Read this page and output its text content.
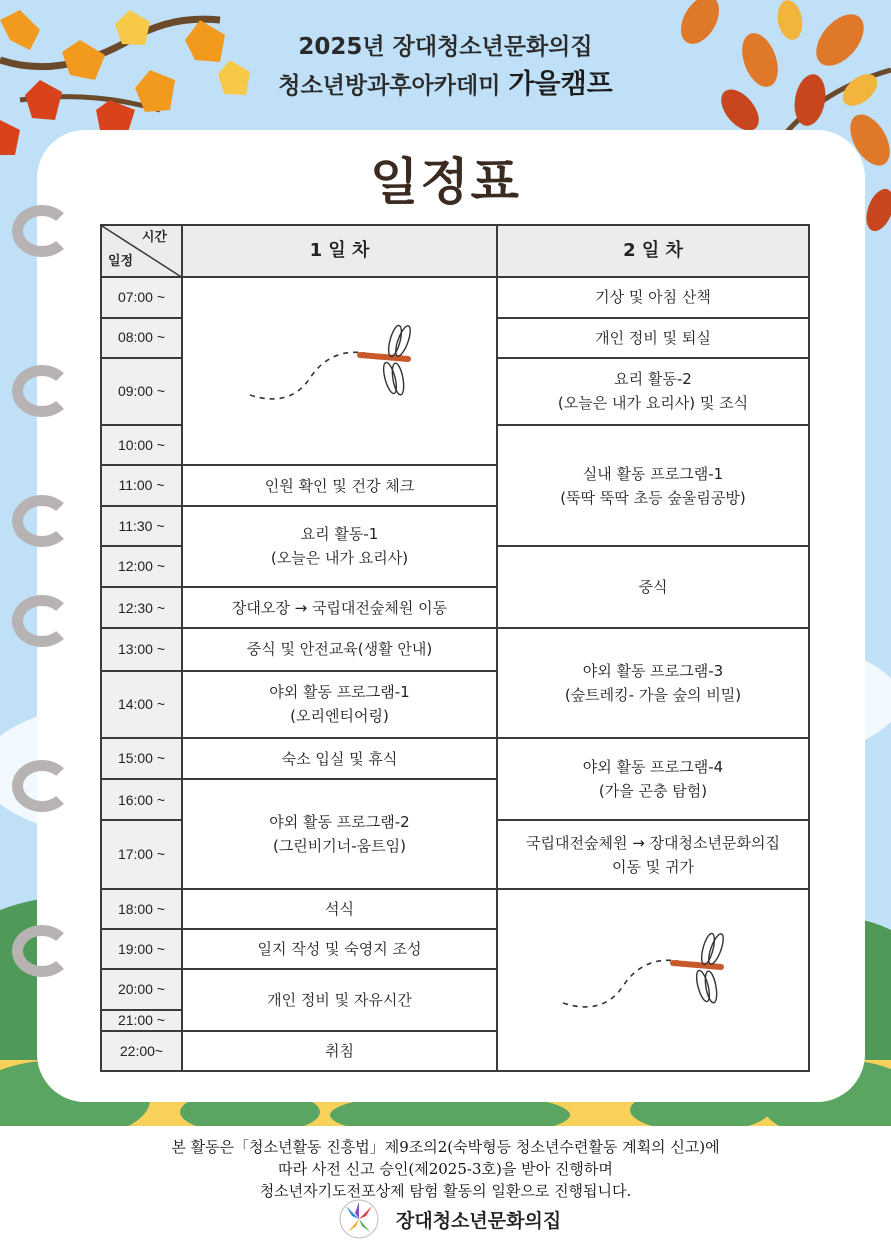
2025년 장대청소년문화의집
청소년방과후아카데미 가을캠프
일정표
시간
일정	1 일 차	2 일 차
07:00 ~		기상 및 아침 산책
08:00 ~		개인 정비 및 퇴실
09:00 ~		요리 활동-2
(오늘은 내가 요리사) 및 조식

10:00 ~		실내 활동 프로그램-1
(뚝딱 뚝딱 초등 숲울림공방)

11:00 ~	인원 확인 및 건강 체크	
11:30 ~	요리 활동-1
(오늘은 내가 요리사)	

12:00 ~		중식
12:30 ~	장대오장 → 국립대전숲체원 이동	
13:00 ~	중식 및 안전교육(생활 안내)	야외 활동 프로그램-3
(숲트레킹- 가을 숲의 비밀)

14:00 ~	야외 활동 프로그램-1
(오리엔티어링)	

15:00 ~	숙소 입실 및 휴식	야외 활동 프로그램-4
(가을 곤충 탐험)

16:00 ~	야외 활동 프로그램-2
(그린비기너-움트임)	

17:00 ~		국립대전숲체원 → 장대청소년문화의집
이동 및 귀가

18:00 ~	석식	
19:00 ~	일지 작성 및 숙영지 조성	
20:00 ~	개인 정비 및 자유시간	
21:00 ~		
22:00~	취침	
본 활동은「청소년활동 진흥법」제9조의2(숙박형등 청소년수련활동 계획의 신고)에
따라 사전 신고 승인(제2025-3호)을 받아 진행하며
청소년자기도전포상제 탐험 활동의 일환으로 진행됩니다.
장대청소년문화의집
